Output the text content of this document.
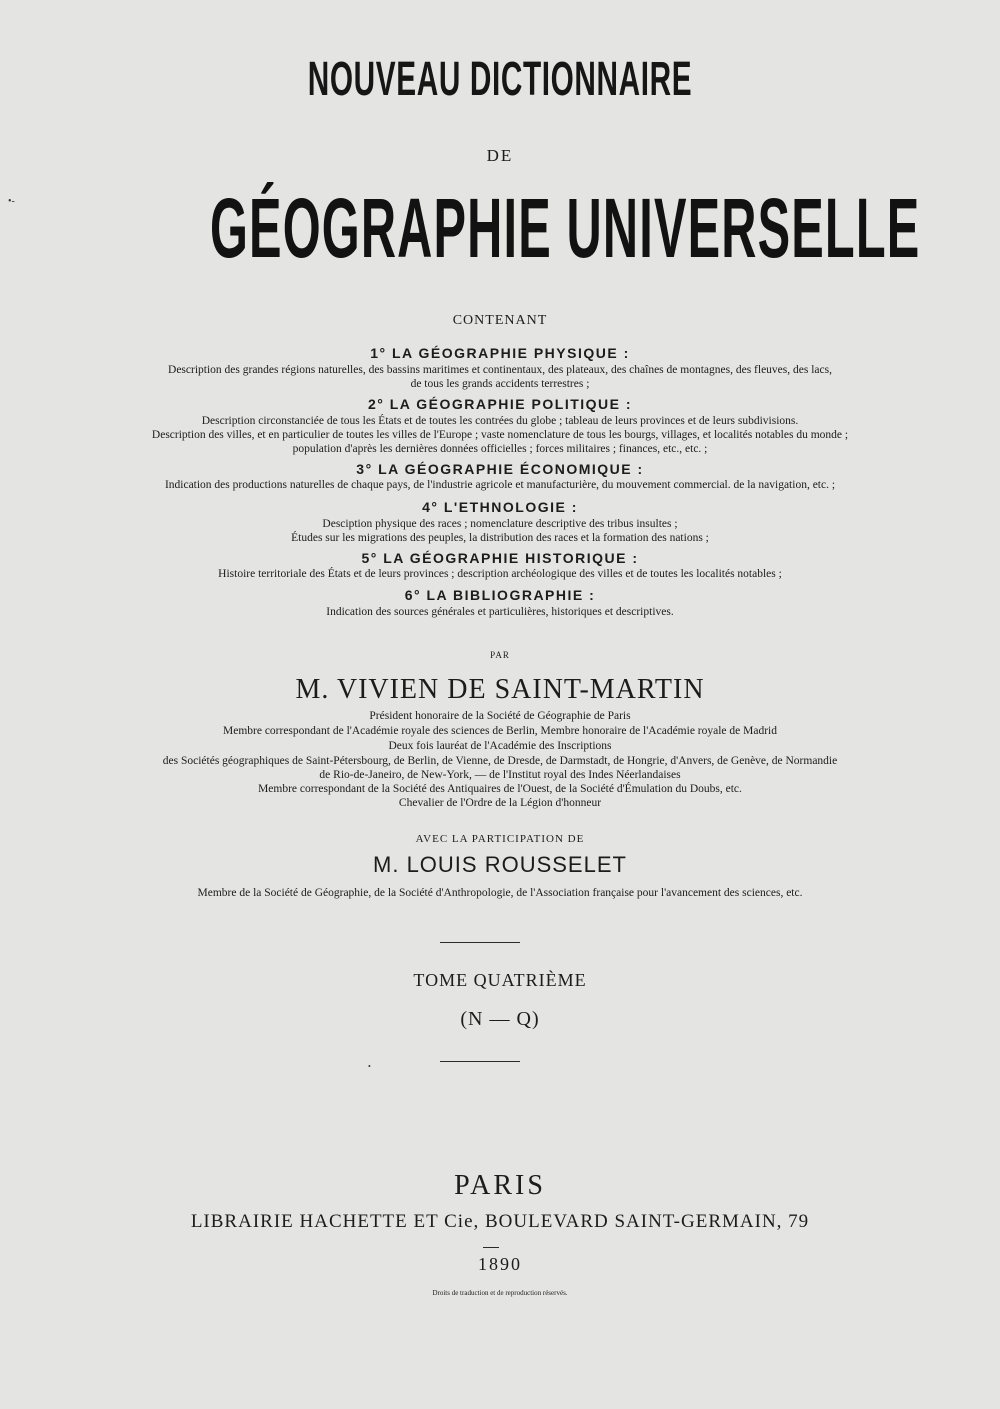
NOUVEAU DICTIONNAIRE
DE
•‑ GÉOGRAPHIE UNIVERSELLE
CONTENANT
1° LA GÉOGRAPHIE PHYSIQUE :
Description des grandes régions naturelles, des bassins maritimes et continentaux, des plateaux, des chaînes de montagnes, des fleuves, des lacs,
de tous les grands accidents terrestres ;
2° LA GÉOGRAPHIE POLITIQUE :
Description circonstanciée de tous les États et de toutes les contrées du globe ; tableau de leurs provinces et de leurs subdivisions.
Description des villes, et en particulier de toutes les villes de l'Europe ; vaste nomenclature de tous les bourgs, villages, et localités notables du monde ;
population d'après les dernières données officielles ; forces militaires ; finances, etc., etc. ;
3° LA GÉOGRAPHIE ÉCONOMIQUE :
Indication des productions naturelles de chaque pays, de l'industrie agricole et manufacturière, du mouvement commercial. de la navigation, etc. ;
4° L'ETHNOLOGIE :
Desciption physique des races ; nomenclature descriptive des tribus insultes ;
Études sur les migrations des peuples, la distribution des races et la formation des nations ;
5° LA GÉOGRAPHIE HISTORIQUE :
Histoire territoriale des États et de leurs provinces ; description archéologique des villes et de toutes les localités notables ;
6° LA BIBLIOGRAPHIE :
Indication des sources générales et particulières, historiques et descriptives.
PAR
M. VIVIEN DE SAINT-MARTIN
Président honoraire de la Société de Géographie de Paris
Membre correspondant de l'Académie royale des sciences de Berlin, Membre honoraire de l'Académie royale de Madrid
Deux fois lauréat de l'Académie des Inscriptions
des Sociétés géographiques de Saint-Pétersbourg, de Berlin, de Vienne, de Dresde, de Darmstadt, de Hongrie, d'Anvers, de Genève, de Normandie
de Rio-de-Janeiro, de New-York, — de l'Institut royal des Indes Néerlandaises
Membre correspondant de la Société des Antiquaires de l'Ouest, de la Société d'Émulation du Doubs, etc.
Chevalier de l'Ordre de la Légion d'honneur
AVEC LA PARTICIPATION DE
M. LOUIS ROUSSELET
Membre de la Société de Géographie, de la Société d'Anthropologie, de l'Association française pour l'avancement des sciences, etc.
TOME QUATRIÈME
(N — Q)
•
PARIS
LIBRAIRIE HACHETTE ET Cie, BOULEVARD SAINT-GERMAIN, 79
1890
Droits de traduction et de reproduction réservés.
